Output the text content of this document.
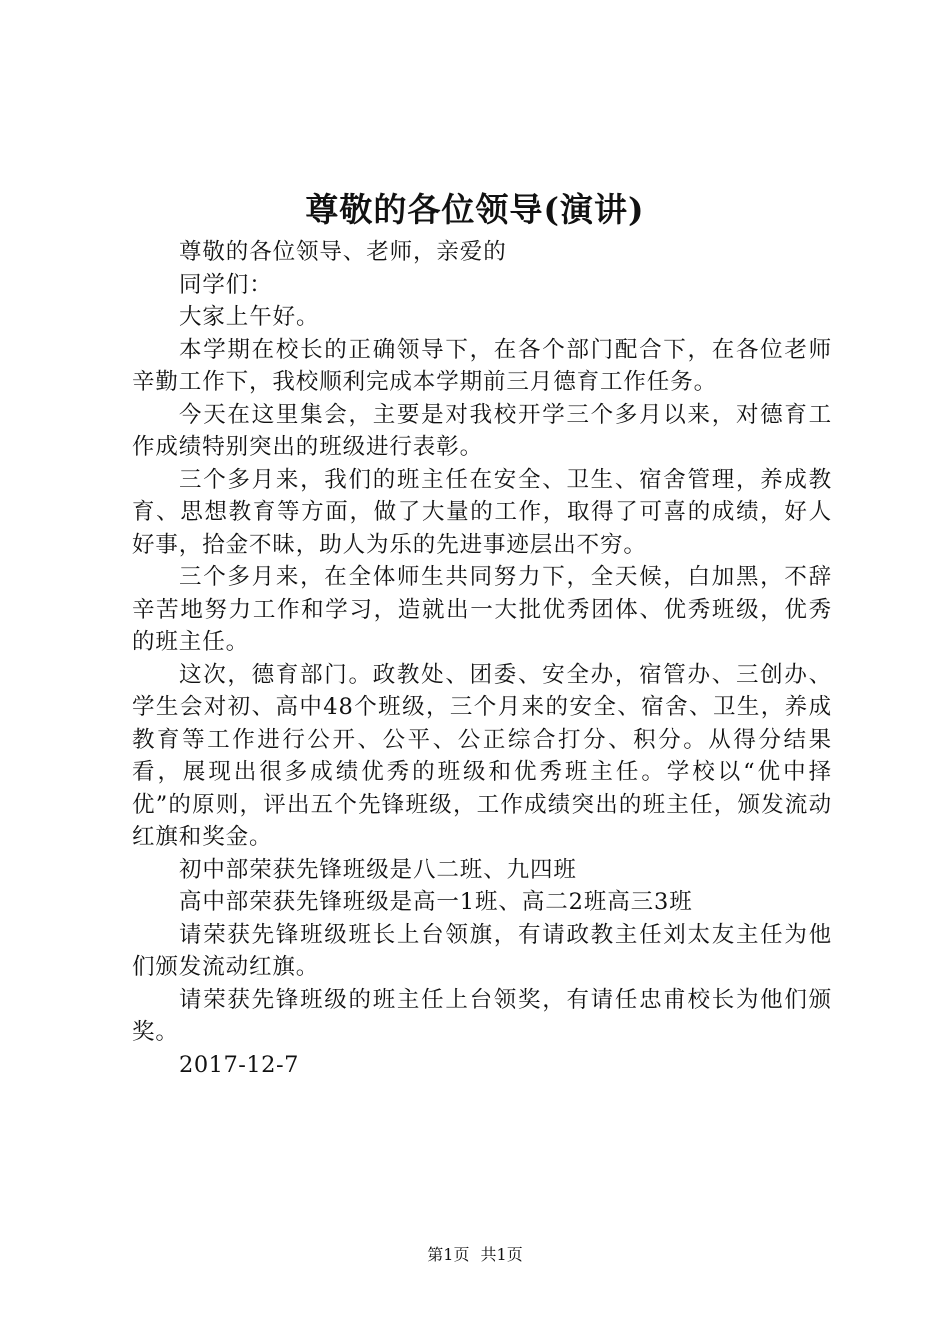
尊敬的各位领导(演讲)

尊敬的各位领导、老师，亲爱的

同学们：

大家上午好。

本学期在校长的正确领导下，在各个部门配合下，在各位老师辛勤工作下，我校顺利完成本学期前三月德育工作任务。

今天在这里集会，主要是对我校开学三个多月以来，对德育工作成绩特别突出的班级进行表彰。

三个多月来，我们的班主任在安全、卫生、宿舍管理，养成教育、思想教育等方面，做了大量的工作，取得了可喜的成绩，好人好事，拾金不昧，助人为乐的先进事迹层出不穷。

三个多月来，在全体师生共同努力下，全天候，白加黑，不辞辛苦地努力工作和学习，造就出一大批优秀团体、优秀班级，优秀的班主任。

这次，德育部门。政教处、团委、安全办，宿管办、三创办、学生会对初、高中48个班级，三个月来的安全、宿舍、卫生，养成教育等工作进行公开、公平、公正综合打分、积分。从得分结果看，展现出很多成绩优秀的班级和优秀班主任。学校以“优中择优”的原则，评出五个先锋班级，工作成绩突出的班主任，颁发流动红旗和奖金。

初中部荣获先锋班级是八二班、九四班

高中部荣获先锋班级是高一1班、高二2班高三3班

请荣获先锋班级班长上台领旗，有请政教主任刘太友主任为他们颁发流动红旗。

请荣获先锋班级的班主任上台领奖，有请任忠甫校长为他们颁奖。

2017-12-7

第1页 共1页
